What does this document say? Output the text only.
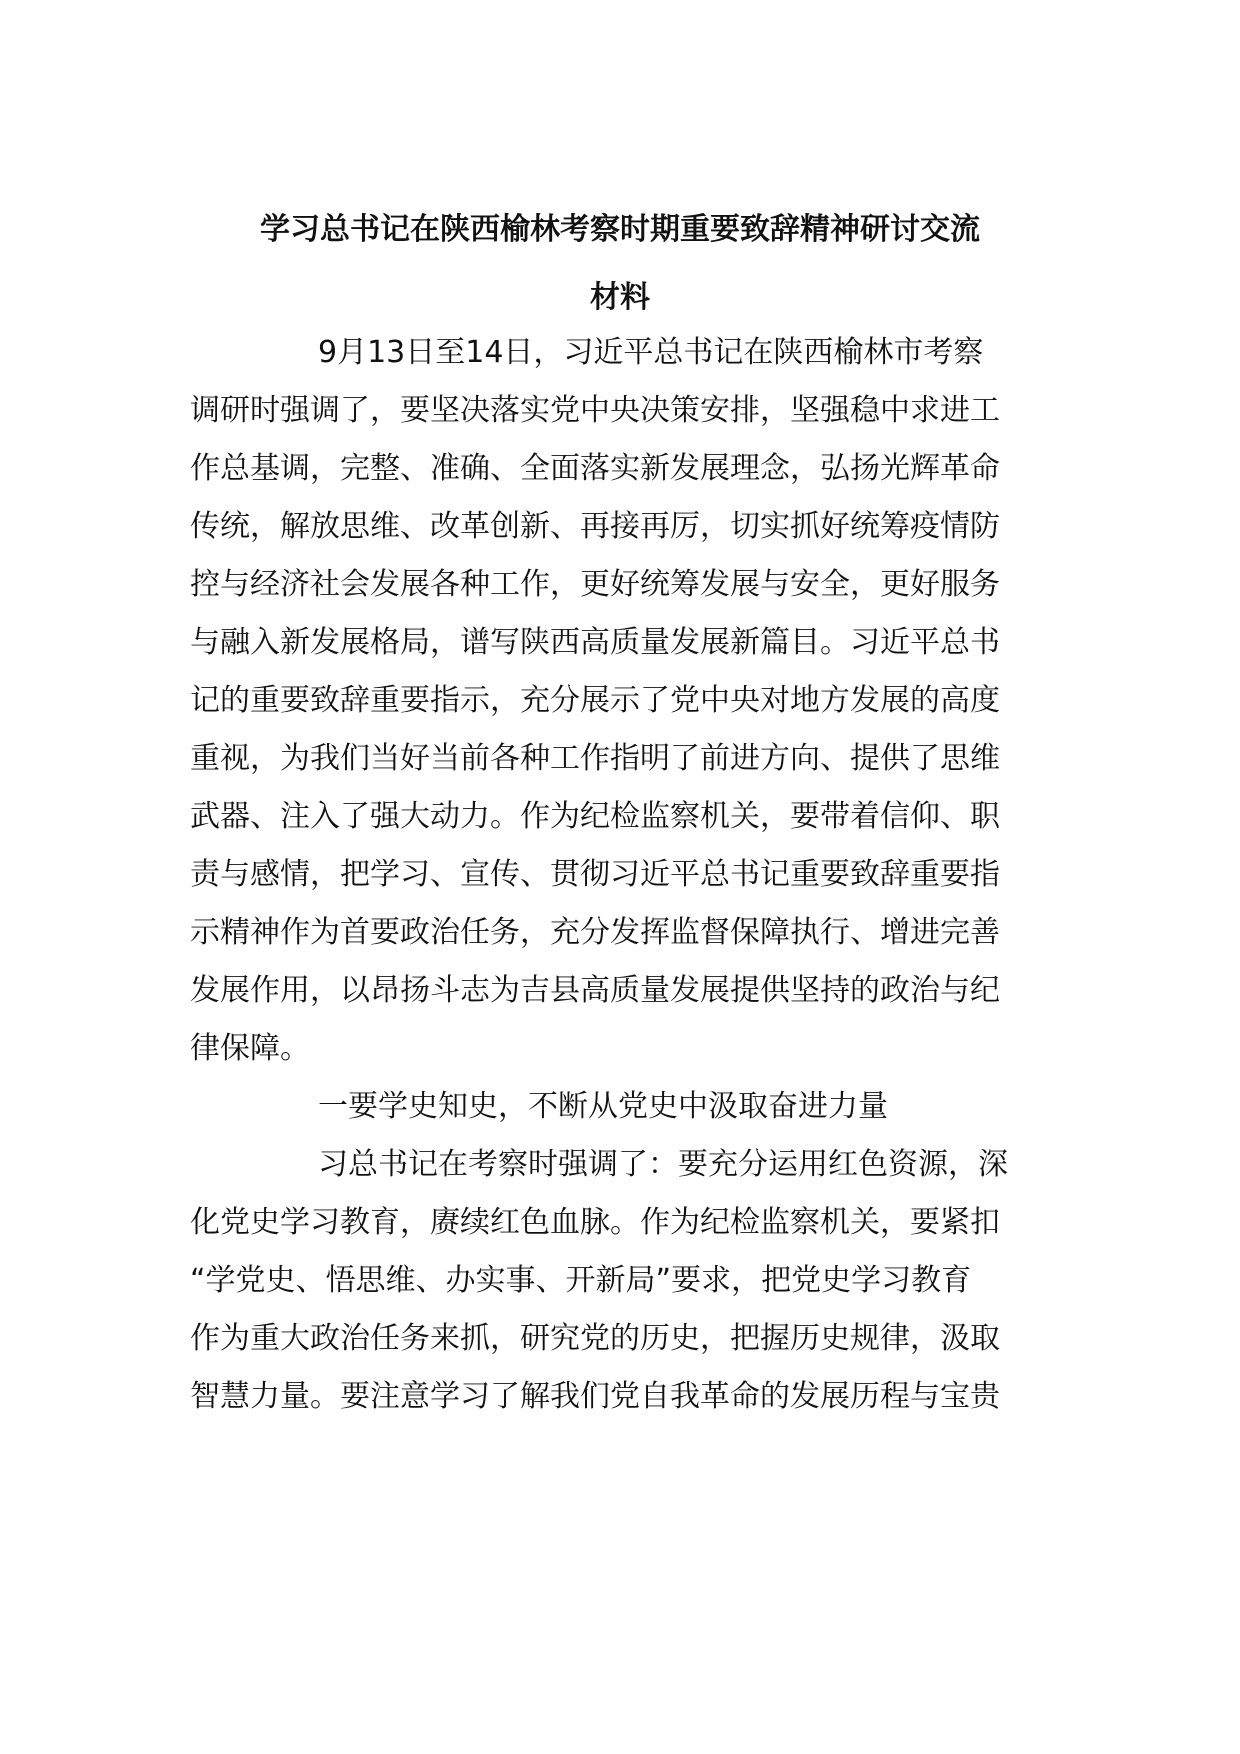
学习总书记在陕西榆林考察时期重要致辞精神研讨交流
材料
9月13日至14日，习近平总书记在陕西榆林市考察
调研时强调了，要坚决落实党中央决策安排，坚强稳中求进工
作总基调，完整、准确、全面落实新发展理念，弘扬光辉革命
传统，解放思维、改革创新、再接再厉，切实抓好统筹疫情防
控与经济社会发展各种工作，更好统筹发展与安全，更好服务
与融入新发展格局，谱写陕西高质量发展新篇目。习近平总书
记的重要致辞重要指示，充分展示了党中央对地方发展的高度
重视，为我们当好当前各种工作指明了前进方向、提供了思维
武器、注入了强大动力。作为纪检监察机关，要带着信仰、职
责与感情，把学习、宣传、贯彻习近平总书记重要致辞重要指
示精神作为首要政治任务，充分发挥监督保障执行、增进完善
发展作用，以昂扬斗志为吉县高质量发展提供坚持的政治与纪
律保障。
一要学史知史，不断从党史中汲取奋进力量
习总书记在考察时强调了：要充分运用红色资源，深
化党史学习教育，赓续红色血脉。作为纪检监察机关，要紧扣
“学党史、悟思维、办实事、开新局”要求，把党史学习教育
作为重大政治任务来抓，研究党的历史，把握历史规律，汲取
智慧力量。要注意学习了解我们党自我革命的发展历程与宝贵
